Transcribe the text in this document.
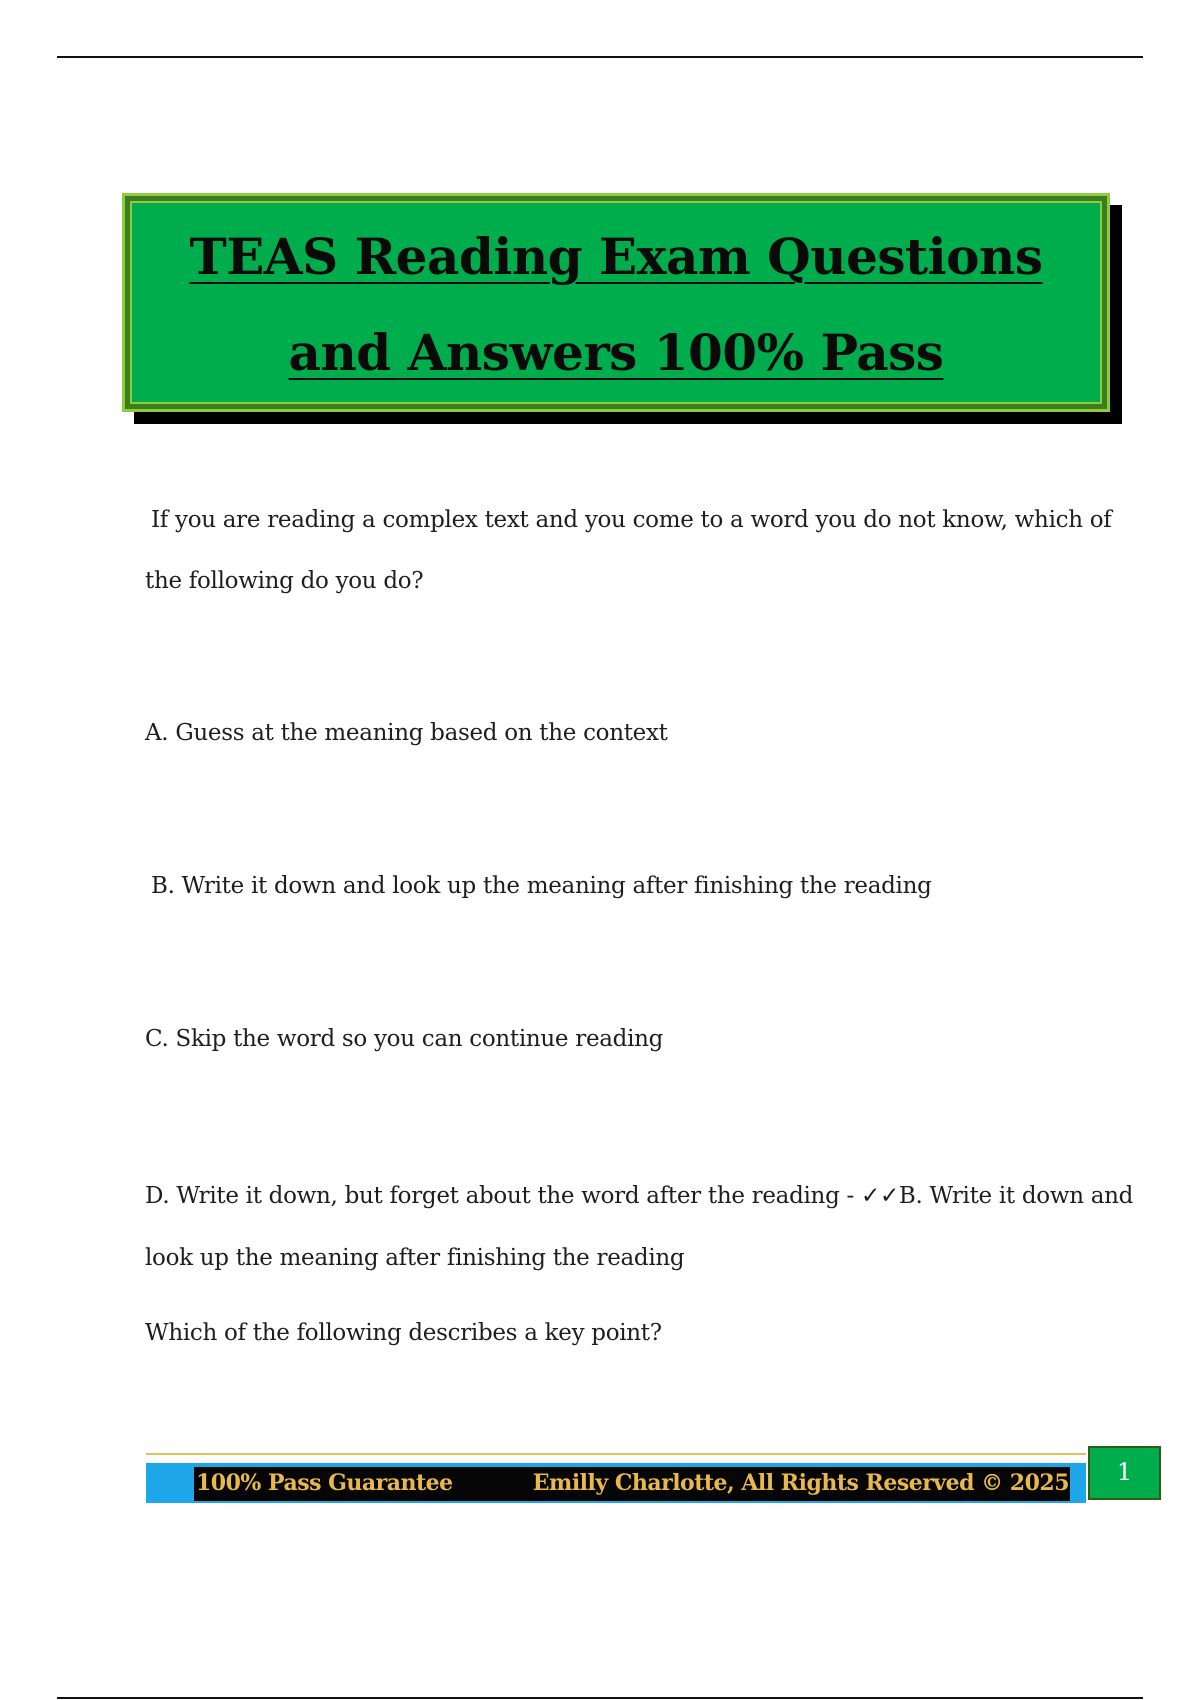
TEAS Reading Exam Questions and Answers 100% Pass
If you are reading a complex text and you come to a word you do not know, which of
the following do you do?
A. Guess at the meaning based on the context
B. Write it down and look up the meaning after finishing the reading
C. Skip the word so you can continue reading
D. Write it down, but forget about the word after the reading - ✓✓B. Write it down and
look up the meaning after finishing the reading
Which of the following describes a key point?
100% Pass Guarantee	Emilly Charlotte, All Rights Reserved © 2025	1
